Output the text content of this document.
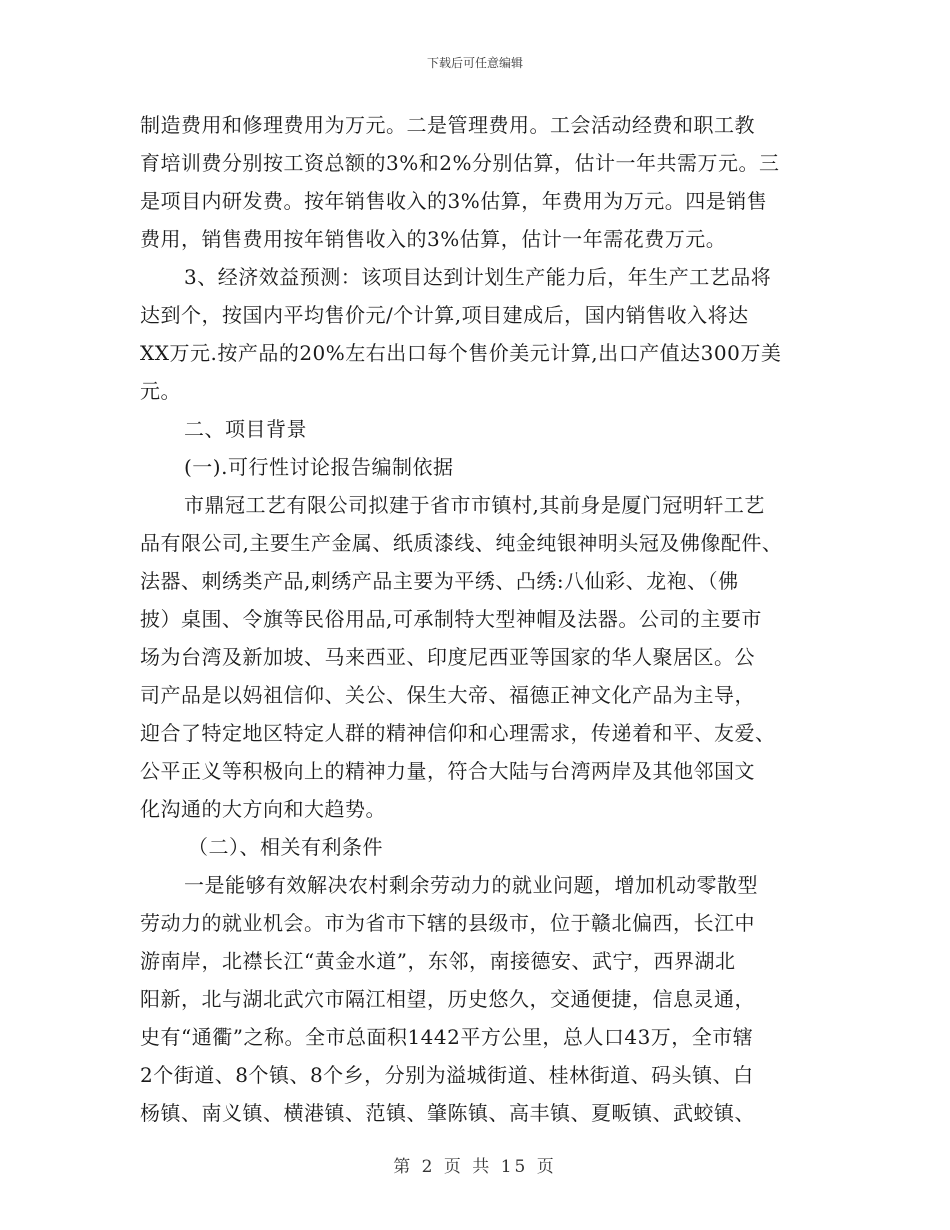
下载后可任意编辑
制造费用和修理费用为万元。二是管理费用。工会活动经费和职工教
育培训费分别按工资总额的3%和2%分别估算，估计一年共需万元。三
是项目内研发费。按年销售收入的3%估算，年费用为万元。四是销售
费用，销售费用按年销售收入的3%估算，估计一年需花费万元。
3、经济效益预测：该项目达到计划生产能力后，年生产工艺品将
达到个，按国内平均售价元/个计算,项目建成后，国内销售收入将达
XX万元.按产品的20%左右出口每个售价美元计算,出口产值达300万美
元。
二、项目背景
(一).可行性讨论报告编制依据
市鼎冠工艺有限公司拟建于省市市镇村,其前身是厦门冠明轩工艺
品有限公司,主要生产金属、纸质漆线、纯金纯银神明头冠及佛像配件、
法器、刺绣类产品,刺绣产品主要为平绣、凸绣:八仙彩、龙袍、（佛
披）桌围、令旗等民俗用品,可承制特大型神帽及法器。公司的主要市
场为台湾及新加坡、马来西亚、印度尼西亚等国家的华人聚居区。公
司产品是以妈祖信仰、关公、保生大帝、福德正神文化产品为主导，
迎合了特定地区特定人群的精神信仰和心理需求，传递着和平、友爱、
公平正义等积极向上的精神力量，符合大陆与台湾两岸及其他邻国文
化沟通的大方向和大趋势。
（二）、相关有利条件
一是能够有效解决农村剩余劳动力的就业问题，增加机动零散型
劳动力的就业机会。市为省市下辖的县级市，位于赣北偏西，长江中
游南岸，北襟长江“黄金水道”，东邻，南接德安、武宁，西界湖北
阳新，北与湖北武穴市隔江相望，历史悠久，交通便捷，信息灵通，
史有“通衢”之称。全市总面积1442平方公里，总人口43万，全市辖
2个街道、8个镇、8个乡，分别为溢城街道、桂林街道、码头镇、白
杨镇、南义镇、横港镇、范镇、肇陈镇、高丰镇、夏畈镇、武蛟镇、
第 2 页 共 15 页
